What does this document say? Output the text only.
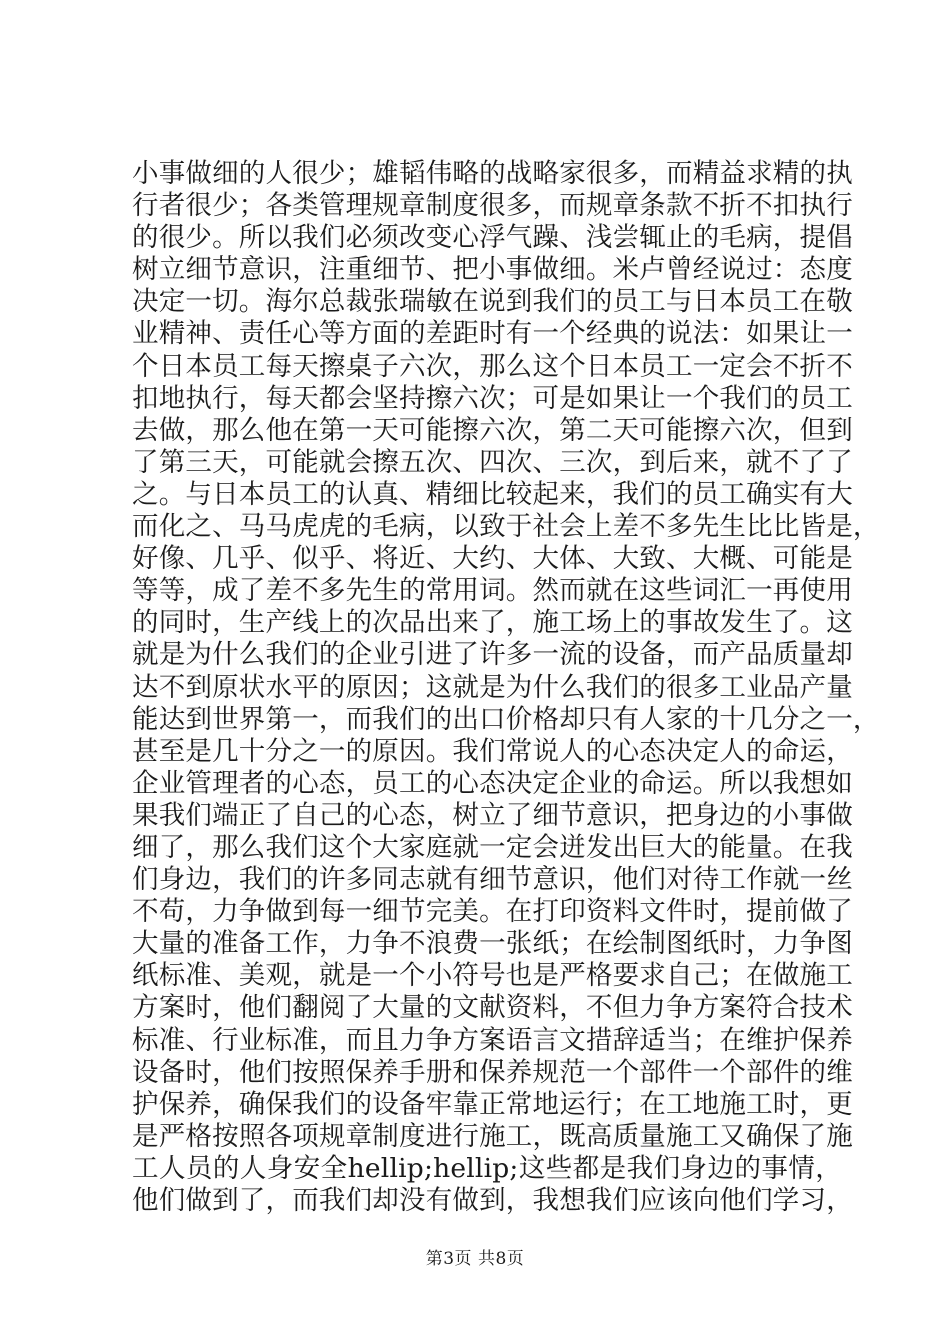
小事做细的人很少；雄韬伟略的战略家很多，而精益求精的执
行者很少；各类管理规章制度很多，而规章条款不折不扣执行
的很少。所以我们必须改变心浮气躁、浅尝辄止的毛病，提倡
树立细节意识，注重细节、把小事做细。米卢曾经说过：态度
决定一切。海尔总裁张瑞敏在说到我们的员工与日本员工在敬
业精神、责任心等方面的差距时有一个经典的说法：如果让一
个日本员工每天擦桌子六次，那么这个日本员工一定会不折不
扣地执行，每天都会坚持擦六次；可是如果让一个我们的员工
去做，那么他在第一天可能擦六次，第二天可能擦六次，但到
了第三天，可能就会擦五次、四次、三次，到后来，就不了了
之。与日本员工的认真、精细比较起来，我们的员工确实有大
而化之、马马虎虎的毛病，以致于社会上差不多先生比比皆是，
好像、几乎、似乎、将近、大约、大体、大致、大概、可能是
等等，成了差不多先生的常用词。然而就在这些词汇一再使用
的同时，生产线上的次品出来了，施工场上的事故发生了。这
就是为什么我们的企业引进了许多一流的设备，而产品质量却
达不到原状水平的原因；这就是为什么我们的很多工业品产量
能达到世界第一，而我们的出口价格却只有人家的十几分之一，
甚至是几十分之一的原因。我们常说人的心态决定人的命运，
企业管理者的心态，员工的心态决定企业的命运。所以我想如
果我们端正了自己的心态，树立了细节意识，把身边的小事做
细了，那么我们这个大家庭就一定会迸发出巨大的能量。在我
们身边，我们的许多同志就有细节意识，他们对待工作就一丝
不苟，力争做到每一细节完美。在打印资料文件时，提前做了
大量的准备工作，力争不浪费一张纸；在绘制图纸时，力争图
纸标准、美观，就是一个小符号也是严格要求自己；在做施工
方案时，他们翻阅了大量的文献资料，不但力争方案符合技术
标准、行业标准，而且力争方案语言文措辞适当；在维护保养
设备时，他们按照保养手册和保养规范一个部件一个部件的维
护保养，确保我们的设备牢靠正常地运行；在工地施工时，更
是严格按照各项规章制度进行施工，既高质量施工又确保了施
工人员的人身安全hellip;hellip;这些都是我们身边的事情，
他们做到了，而我们却没有做到，我想我们应该向他们学习，
第3页 共8页
